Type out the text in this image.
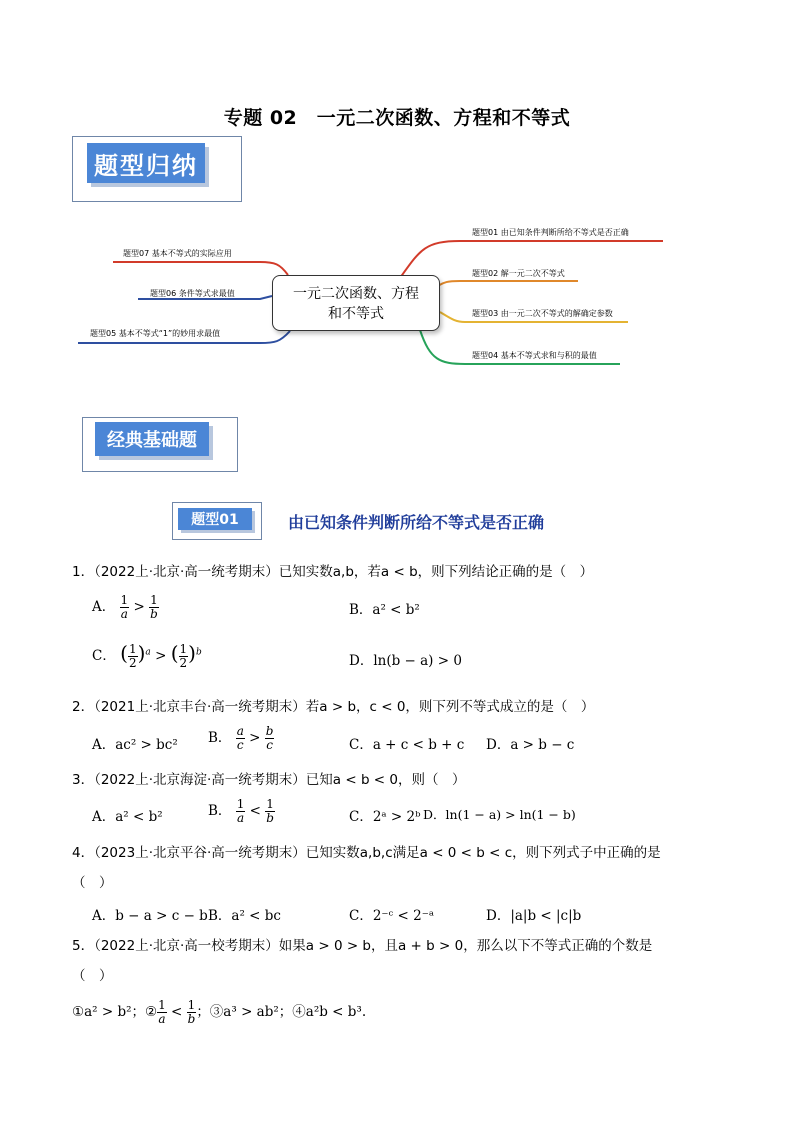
专题 02　一元二次函数、方程和不等式
题型归纳
一元二次函数、方程
和不等式
题型01 由已知条件判断所给不等式是否正确
题型02 解一元二次不等式
题型03 由一元二次不等式的解确定参数
题型04 基本不等式求和与积的最值
题型07 基本不等式的实际应用
题型06 条件等式求最值
题型05 基本不等式“1”的妙用求最值
经典基础题
题型01	由已知条件判断所给不等式是否正确
1．（2022上·北京·高一统考期末）已知实数a,b，若a < b，则下列结论正确的是（　）
A． $\frac{1}{a} > \frac{1}{b}$	B．a² < b²
C． ( $\frac{1}{2} )^a$ > ( $\frac{1}{2} )^b$
D．ln(b − a) > 0
2．（2021上·北京丰台·高一统考期末）若a > b，c < 0，则下列不等式成立的是（　）
A．ac² > bc² B． $\frac{a}{c} > \frac{b}{c}$	C．a + c < b + c D．a > b − c
3．（2022上·北京海淀·高一统考期末）已知a < b < 0，则（　）
A．a² < b²	B． $\frac{1}{a} < \frac{1}{b}$	C．2ᵃ > 2ᵇ D．ln(1 − a) > ln(1 − b)
4．（2023上·北京平谷·高一统考期末）已知实数a,b,c满足a < 0 < b < c，则下列式子中正确的是
（　）
A．b − a > c − b B．a² < bc	C．2⁻ᶜ < 2⁻ᵃ	D．|a|b < |c|b
5．（2022上·北京·高一校考期末）如果a > 0 > b，且a + b > 0，那么以下不等式正确的个数是
（　）
①a² > b²；② $\frac{1}{a} < \frac{1}{b}$ ；③a³ > ab²；④a²b < b³.
